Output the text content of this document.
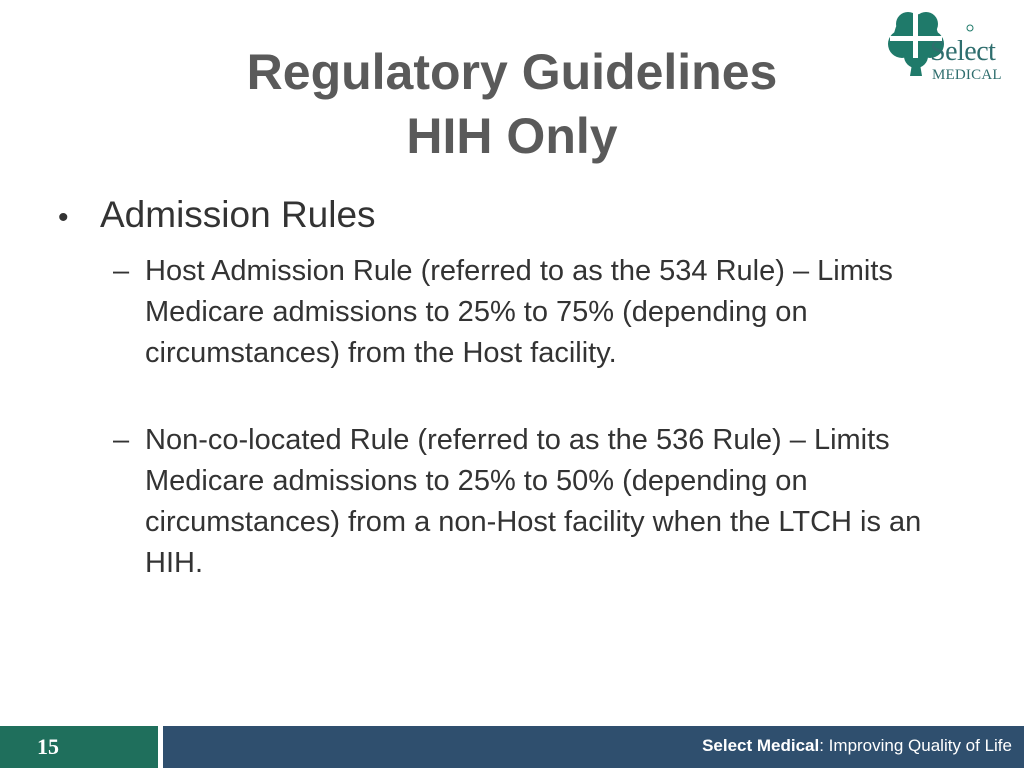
Regulatory Guidelines
HIH Only
Select
MEDICAL
• Admission Rules
– Host Admission Rule (referred to as the 534 Rule) – Limits Medicare admissions to 25% to 75% (depending on circumstances) from the Host facility.
– Non-co-located Rule (referred to as the 536 Rule) – Limits Medicare admissions to 25% to 50% (depending on circumstances) from a non-Host facility when the LTCH is an HIH.
15	Select Medical: Improving Quality of Life
